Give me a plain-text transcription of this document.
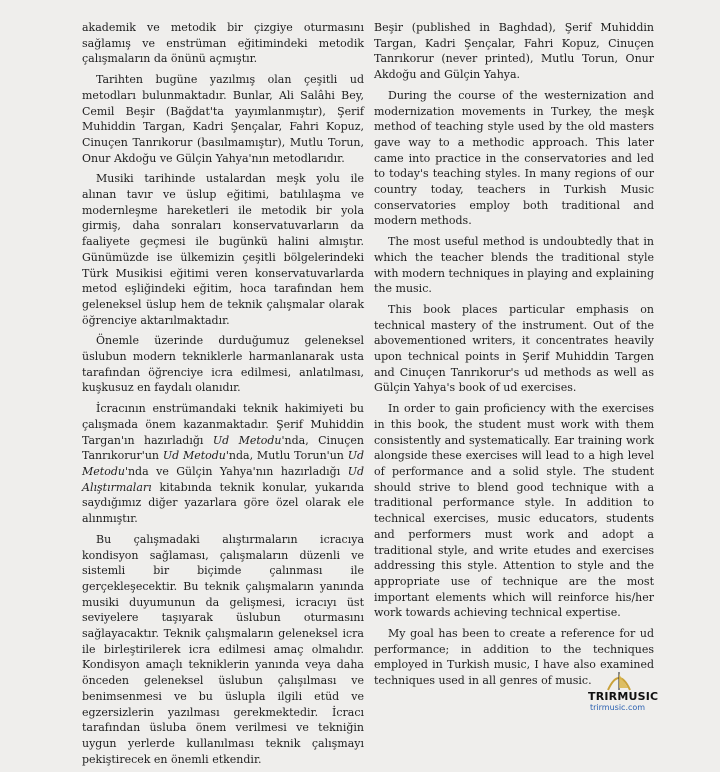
akademik ve metodik bir çizgiye oturmasını sağlamış ve enstrüman eğitimindeki metodik çalışmaların da önünü açmıştır.

Tarihten bugüne yazılmış olan çeşitli ud metodları bulunmaktadır. Bunlar, Ali Salâhi Bey, Cemil Beşir (Bağdat'ta yayımlanmıştır), Şerif Muhiddin Targan, Kadri Şençalar, Fahri Kopuz, Cinuçen Tanrıkorur (basılmamıştır), Mutlu Torun, Onur Akdoğu ve Gülçin Yahya'nın metodlarıdır.

Musiki tarihinde ustalardan meşk yolu ile alınan tavır ve üslup eğitimi, batılılaşma ve modernleşme hareketleri ile metodik bir yola girmiş, daha sonraları konservatuvarların da faaliyete geçmesi ile bugünkü halini almıştır. Günümüzde ise ülkemizin çeşitli bölgelerindeki Türk Musikisi eğitimi veren konservatuvarlarda metod eşliğindeki eğitim, hoca tarafından hem geleneksel üslup hem de teknik çalışmalar olarak öğrenciye aktarılmaktadır.

Önemle üzerinde durduğumuz geleneksel üslubun modern tekniklerle harmanlanarak usta tarafından öğrenciye icra edilmesi, anlatılması, kuşkusuz en faydalı olanıdır.

İcracının enstrümandaki teknik hakimiyeti bu çalışmada önem kazanmaktadır. Şerif Muhiddin Targan'ın hazırladığı Ud Metodu'nda, Cinuçen Tanrıkorur'un Ud Metodu'nda, Mutlu Torun'un Ud Metodu'nda ve Gülçin Yahya'nın hazırladığı Ud Alıştırmaları kitabında teknik konular, yukarıda saydığımız diğer yazarlara göre özel olarak ele alınmıştır.

Bu çalışmadaki alıştırmaların icracıya kondisyon sağlaması, çalışmaların düzenli ve sistemli bir biçimde çalınması ile gerçekleşecektir. Bu teknik çalışmaların yanında musiki duyumunun da gelişmesi, icracıyı üst seviyelere taşıyarak üslubun oturmasını sağlayacaktır. Teknik çalışmaların geleneksel icra ile birleştirilerek icra edilmesi amaç olmalıdır. Kondisyon amaçlı tekniklerin yanında veya daha önceden geleneksel üslubun çalışılması ve benimsenmesi ve bu üslupla ilgili etüd ve egzersizlerin yazılması gerekmektedir. İcracı tarafından üsluba önem verilmesi ve tekniğin uygun yerlerde kullanılması teknik çalışmayı pekiştirecek en önemli etkendir.

Beşir (published in Baghdad), Şerif Muhiddin Targan, Kadri Şençalar, Fahri Kopuz, Cinuçen Tanrıkorur (never printed), Mutlu Torun, Onur Akdoğu and Gülçin Yahya.

During the course of the westernization and modernization movements in Turkey, the meşk method of teaching style used by the old masters gave way to a methodic approach. This later came into practice in the conservatories and led to today's teaching styles. In many regions of our country today, teachers in Turkish Music conservatories employ both traditional and modern methods.

The most useful method is undoubtedly that in which the teacher blends the traditional style with modern techniques in playing and explaining the music.

This book places particular emphasis on technical mastery of the instrument. Out of the abovementioned writers, it concentrates heavily upon technical points in Şerif Muhiddin Targen and Cinuçen Tanrıkorur's ud methods as well as Gülçin Yahya's book of ud exercises.

In order to gain proficiency with the exercises in this book, the student must work with them consistently and systematically. Ear training work alongside these exercises will lead to a high level of performance and a solid style. The student should strive to blend good technique with a traditional performance style. In addition to technical exercises, music educators, students and performers must work and adopt a traditional style, and write etudes and exercises addressing this style. Attention to style and the appropriate use of technique are the most important elements which will reinforce his/her work towards achieving technical expertise.

My goal has been to create a reference for ud performance; in addition to the techniques employed in Turkish music, I have also examined techniques used in all genres of music.

TRIRMUSIC
trirmusic.com
